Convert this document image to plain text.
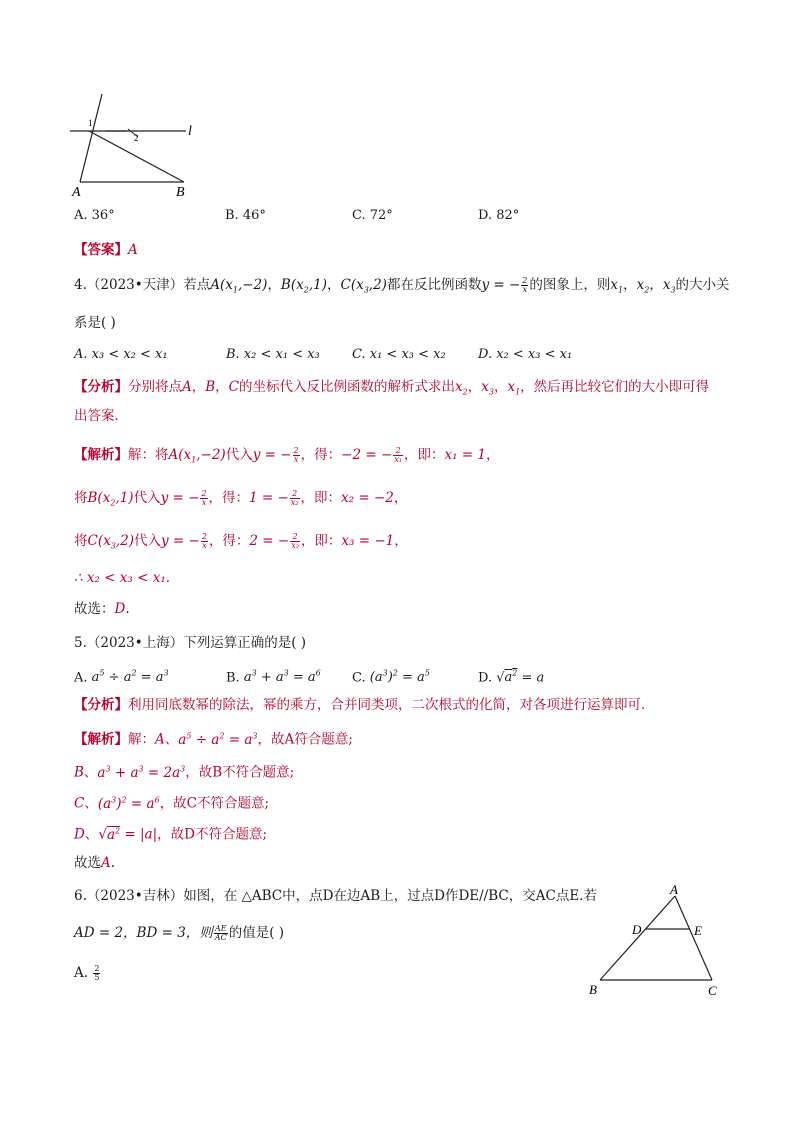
1
2	l
A	B
A. 36°	B. 46°	C. 72°	D. 82°
【答案】A
4.（2023•天津）若点$A(x_1,-2)$，$B(x_2,1)$，$C(x_3,2)$都在反比例函数y = − $\frac{2}{x}$ 的图象上，则$x_1$，$x_2$，$x_3$的大小关
系是( )
A. x₃ < x₂ < x₁	B. x₂ < x₁ < x₃ C. x₁ < x₃ < x₂ D. x₂ < x₃ < x₁
【分析】分别将点A，B，C的坐标代入反比例函数的解析式求出$x_2$，$x_3$，$x_1$，然后再比较它们的大小即可得
出答案．
【解析】解：将$A(x_1,-2)$代入y = − $\frac{2}{x}$ ，得：−2 = − $\frac{2}{\text{x₁}}$ ，即：x₁ = 1，
将$B(x_2,1)$代入y = − $\frac{2}{x}$ ，得：1 = − $\frac{2}{\text{x₂}}$ ，即：x₂ = −2，
将$C(x_3,2)$代入y = − $\frac{2}{x}$ ，得：2 = − $\frac{2}{\text{x₃}}$ ，即：x₃ = −1，
∴ x₂ < x₃ < x₁.
故选：D.
5.（2023•上海）下列运算正确的是( )
A. $a^5 \div a^2 = a^3$	B. $a^3 + a^3 = a^6$ C. $(a^3)^2 = a^5$	D. $√a^2 = a$
【分析】利用同底数幂的除法，幂的乘方，合并同类项，二次根式的化简，对各项进行运算即可．
【解析】解：A、$a^5 \div a^2 = a^3$，故A符合题意;
B、$a^3 + a^3 = 2a^3$，故B不符合题意;
C、$(a^3)^2 = a^6$，故C不符合题意;
D、$√a^2 = |a|$，故D不符合题意;
故选A.
6.（2023•吉林）如图，在 △ABC中，点D在边AB上，过点D作DE//BC，交AC点E.若
AD = 2，BD = 3，则 $\frac{AE}{AC}$ 的值是( )
A. $\frac{2}{5}$
A
D	E
B	C
